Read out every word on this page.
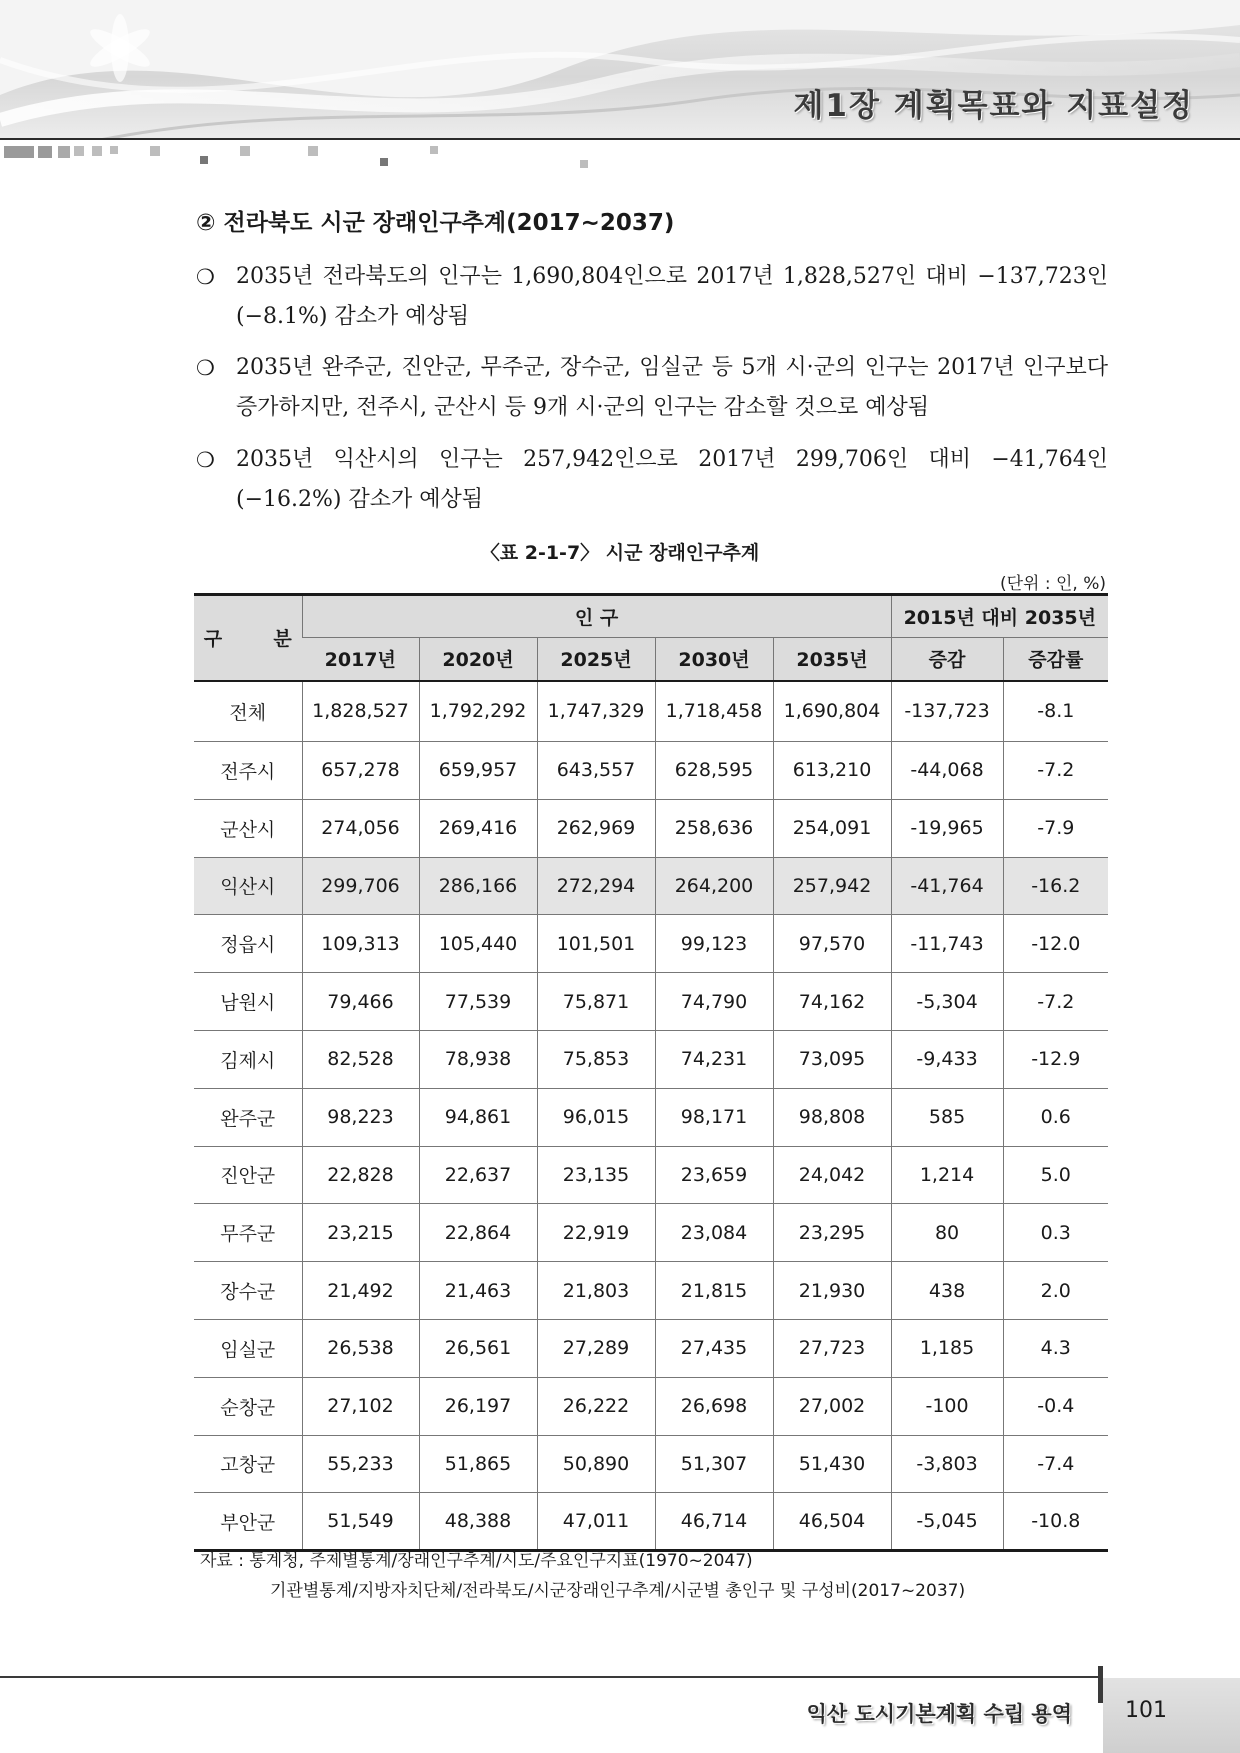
제1장 계획목표와 지표설정
② 전라북도 시군 장래인구추계(2017~2037)
❍ 2035년 전라북도의 인구는 1,690,804인으로 2017년 1,828,527인 대비 −137,723인(−8.1%) 감소가 예상됨
❍ 2035년 완주군, 진안군, 무주군, 장수군, 임실군 등 5개 시·군의 인구는 2017년 인구보다 증가하지만, 전주시, 군산시 등 9개 시·군의 인구는 감소할 것으로 예상됨
❍ 2035년 익산시의 인구는 257,942인으로 2017년 299,706인 대비 −41,764인(−16.2%) 감소가 예상됨
〈표 2-1-7〉 시군 장래인구추계
(단위 : 인, %)
구 분	인 구					2015년 대비 2035년	
	2017년	2020년	2025년	2030년	2035년	증감	증감률
전체	1,828,527	1,792,292	1,747,329	1,718,458	1,690,804	-137,723	-8.1
전주시	657,278	659,957	643,557	628,595	613,210	-44,068	-7.2
군산시	274,056	269,416	262,969	258,636	254,091	-19,965	-7.9
익산시	299,706	286,166	272,294	264,200	257,942	-41,764	-16.2
정읍시	109,313	105,440	101,501	99,123	97,570	-11,743	-12.0
남원시	79,466	77,539	75,871	74,790	74,162	-5,304	-7.2
김제시	82,528	78,938	75,853	74,231	73,095	-9,433	-12.9
완주군	98,223	94,861	96,015	98,171	98,808	585	0.6
진안군	22,828	22,637	23,135	23,659	24,042	1,214	5.0
무주군	23,215	22,864	22,919	23,084	23,295	80	0.3
장수군	21,492	21,463	21,803	21,815	21,930	438	2.0
임실군	26,538	26,561	27,289	27,435	27,723	1,185	4.3
순창군	27,102	26,197	26,222	26,698	27,002	-100	-0.4
고창군	55,233	51,865	50,890	51,307	51,430	-3,803	-7.4
부안군	51,549	48,388	47,011	46,714	46,504	-5,045	-10.8
자료 : 통계청, 주제별통계/장래인구추계/시도/주요인구지표(1970~2047)
기관별통계/지방자치단체/전라북도/시군장래인구추계/시군별 총인구 및 구성비(2017~2037)
익산 도시기본계획 수립 용역	101
